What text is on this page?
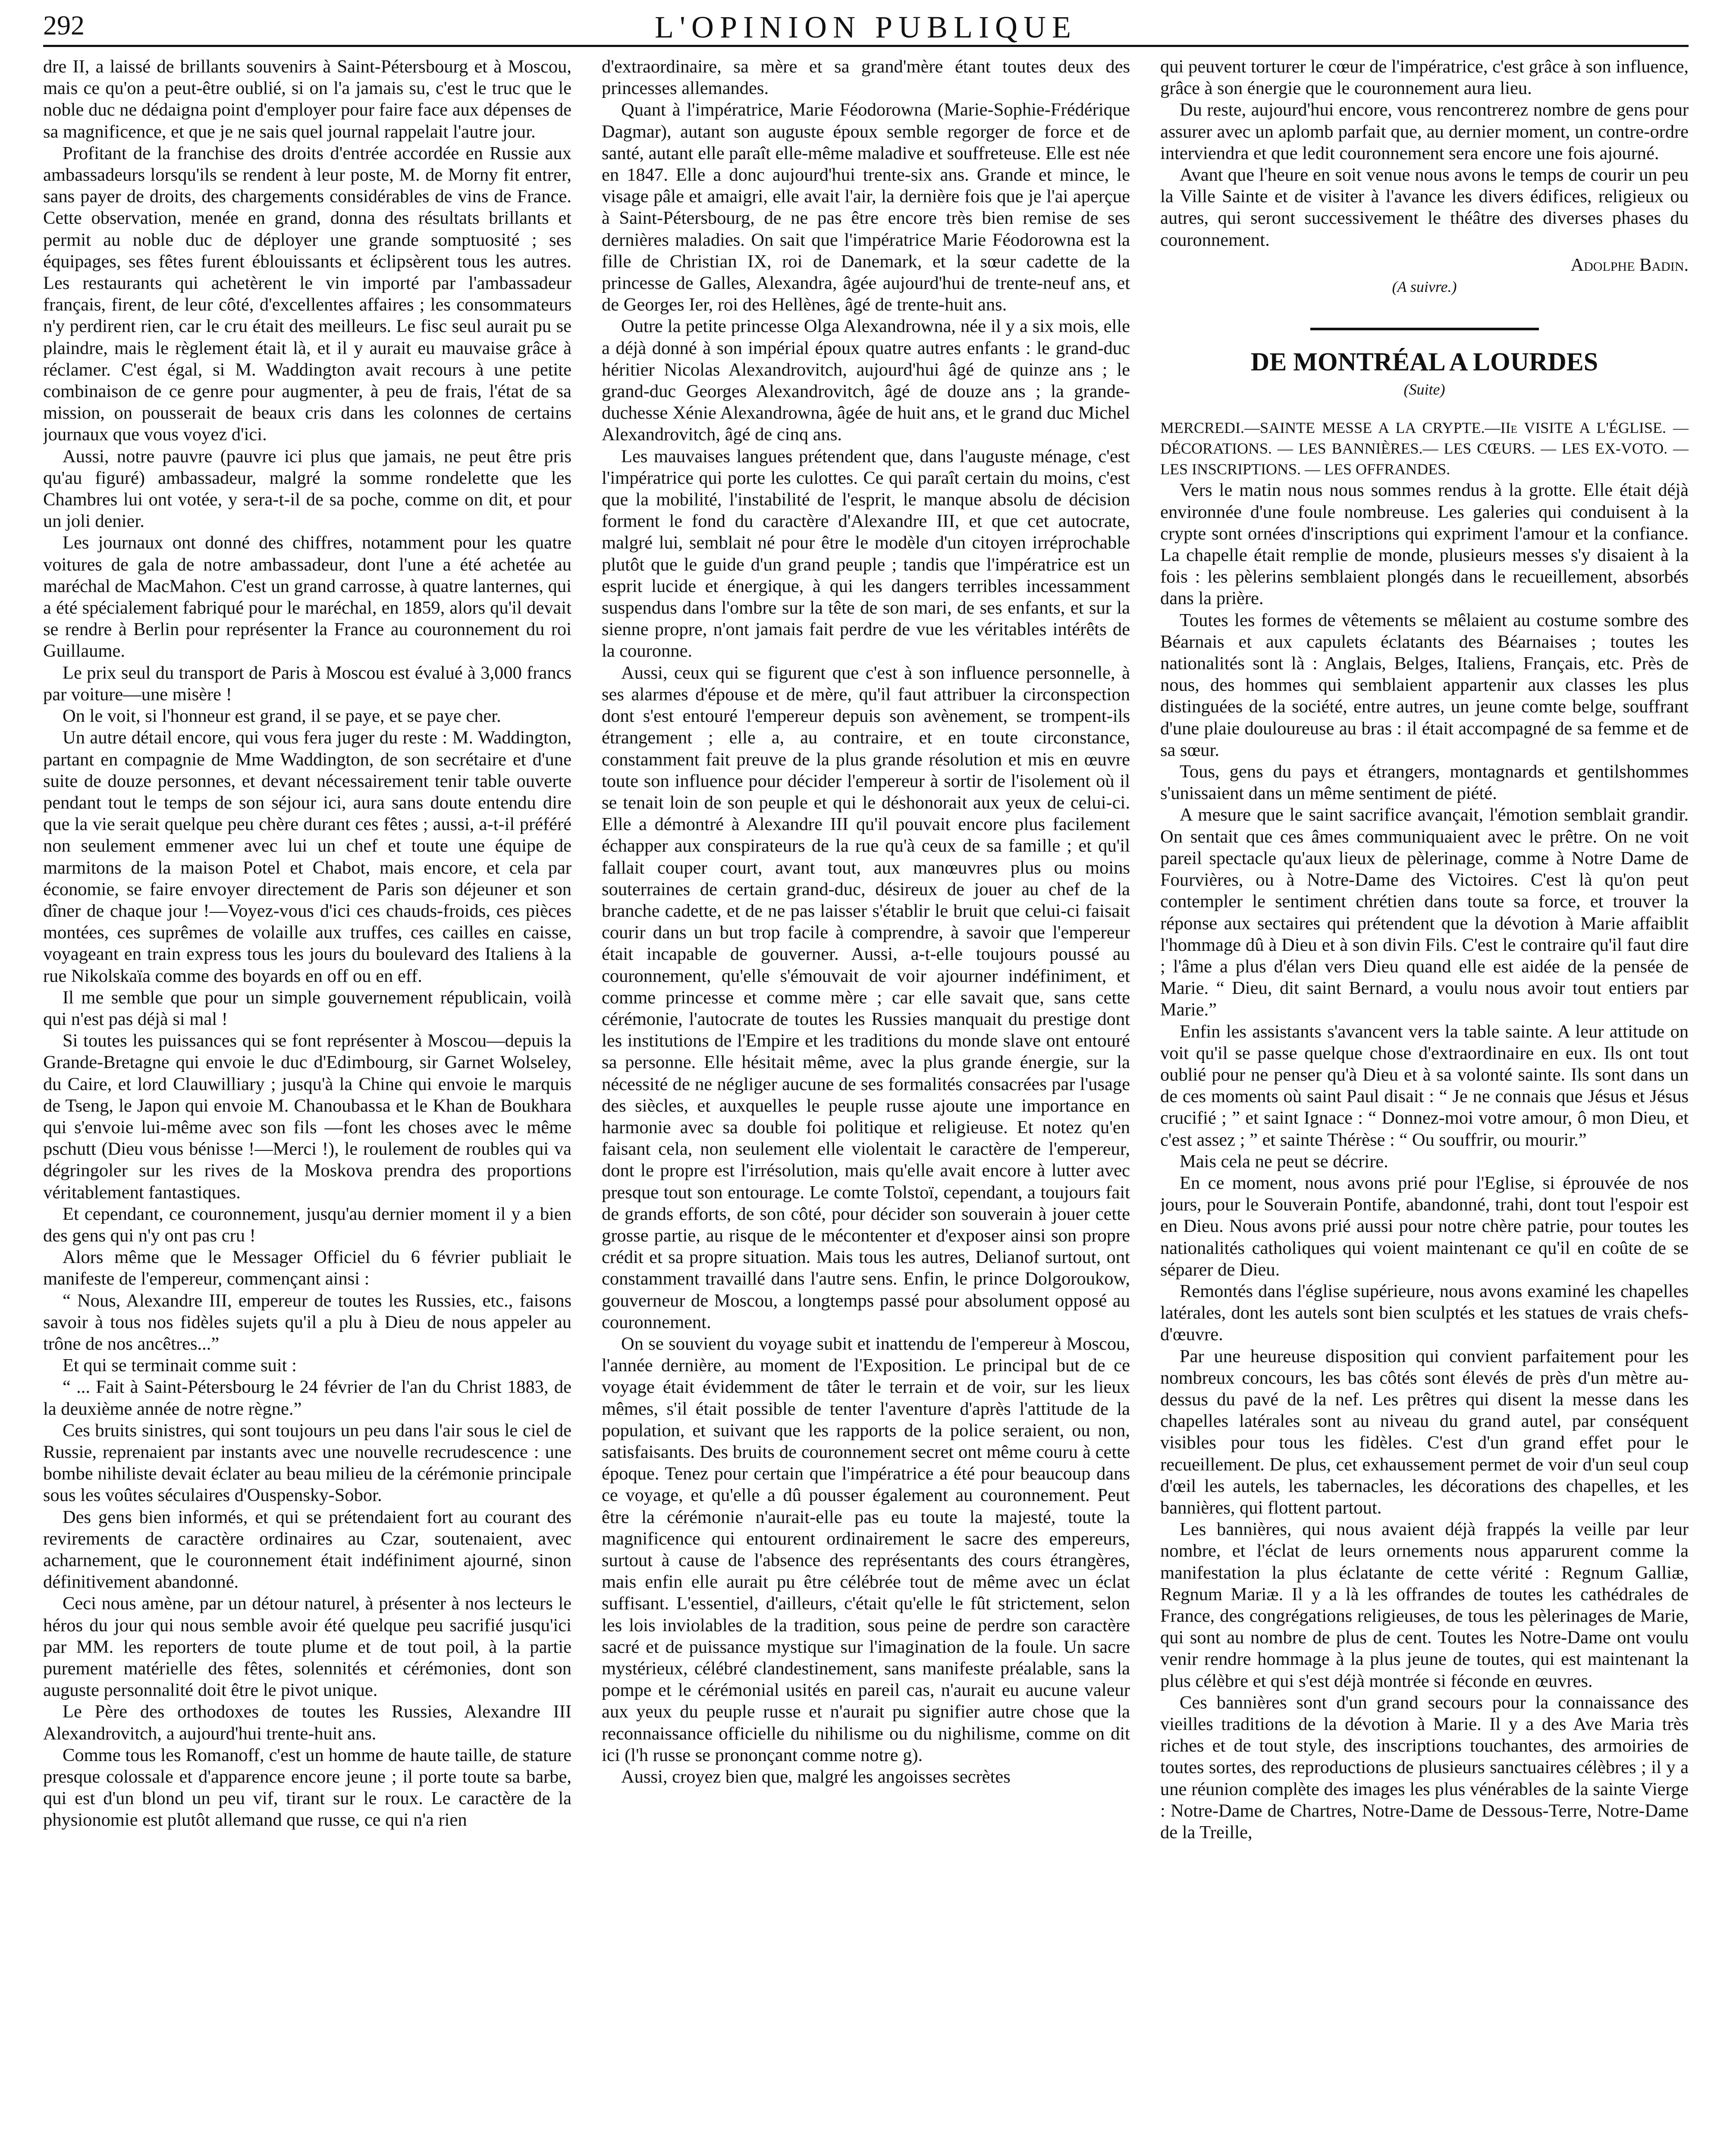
292	L'OPINION PUBLIQUE

dre II, a laissé de brillants souvenirs à Saint-Pétersbourg et à Moscou, mais ce qu'on a peut-être oublié, si on l'a jamais su, c'est le truc que le noble duc ne dédaigna point d'employer pour faire face aux dépenses de sa magnificence, et que je ne sais quel journal rappelait l'autre jour.

Profitant de la franchise des droits d'entrée accordée en Russie aux ambassadeurs lorsqu'ils se rendent à leur poste, M. de Morny fit entrer, sans payer de droits, des chargements considérables de vins de France. Cette observation, menée en grand, donna des résultats brillants et permit au noble duc de déployer une grande somptuosité ; ses équipages, ses fêtes furent éblouissants et éclipsèrent tous les autres. Les restaurants qui achetèrent le vin importé par l'ambassadeur français, firent, de leur côté, d'excellentes affaires ; les consommateurs n'y perdirent rien, car le cru était des meilleurs. Le fisc seul aurait pu se plaindre, mais le règlement était là, et il y aurait eu mauvaise grâce à réclamer. C'est égal, si M. Waddington avait recours à une petite combinaison de ce genre pour augmenter, à peu de frais, l'état de sa mission, on pousserait de beaux cris dans les colonnes de certains journaux que vous voyez d'ici.

Aussi, notre pauvre (pauvre ici plus que jamais, ne peut être pris qu'au figuré) ambassadeur, malgré la somme rondelette que les Chambres lui ont votée, y sera-t-il de sa poche, comme on dit, et pour un joli denier.

Les journaux ont donné des chiffres, notamment pour les quatre voitures de gala de notre ambassadeur, dont l'une a été achetée au maréchal de MacMahon. C'est un grand carrosse, à quatre lanternes, qui a été spécialement fabriqué pour le maréchal, en 1859, alors qu'il devait se rendre à Berlin pour représenter la France au couronnement du roi Guillaume.

Le prix seul du transport de Paris à Moscou est évalué à 3,000 francs par voiture—une misère !

On le voit, si l'honneur est grand, il se paye, et se paye cher.

Un autre détail encore, qui vous fera juger du reste : M. Waddington, partant en compagnie de Mme Waddington, de son secrétaire et d'une suite de douze personnes, et devant nécessairement tenir table ouverte pendant tout le temps de son séjour ici, aura sans doute entendu dire que la vie serait quelque peu chère durant ces fêtes ; aussi, a-t-il préféré non seulement emmener avec lui un chef et toute une équipe de marmitons de la maison Potel et Chabot, mais encore, et cela par économie, se faire envoyer directement de Paris son déjeuner et son dîner de chaque jour !—Voyez-vous d'ici ces chauds-froids, ces pièces montées, ces suprêmes de volaille aux truffes, ces cailles en caisse, voyageant en train express tous les jours du boulevard des Italiens à la rue Nikolskaïa comme des boyards en off ou en eff.

Il me semble que pour un simple gouvernement républicain, voilà qui n'est pas déjà si mal !

Si toutes les puissances qui se font représenter à Moscou—depuis la Grande-Bretagne qui envoie le duc d'Edimbourg, sir Garnet Wolseley, du Caire, et lord Clauwilliary ; jusqu'à la Chine qui envoie le marquis de Tseng, le Japon qui envoie M. Chanoubassa et le Khan de Boukhara qui s'envoie lui-même avec son fils —font les choses avec le même pschutt (Dieu vous bénisse !—Merci !), le roulement de roubles qui va dégringoler sur les rives de la Moskova prendra des proportions véritablement fantastiques.

Et cependant, ce couronnement, jusqu'au dernier moment il y a bien des gens qui n'y ont pas cru !

Alors même que le Messager Officiel du 6 février publiait le manifeste de l'empereur, commençant ainsi :

“ Nous, Alexandre III, empereur de toutes les Russies, etc., faisons savoir à tous nos fidèles sujets qu'il a plu à Dieu de nous appeler au trône de nos ancêtres...”

Et qui se terminait comme suit :

“ ... Fait à Saint-Pétersbourg le 24 février de l'an du Christ 1883, de la deuxième année de notre règne.”

Ces bruits sinistres, qui sont toujours un peu dans l'air sous le ciel de Russie, reprenaient par instants avec une nouvelle recrudescence : une bombe nihiliste devait éclater au beau milieu de la cérémonie principale sous les voûtes séculaires d'Ouspensky-Sobor.

Des gens bien informés, et qui se prétendaient fort au courant des revirements de caractère ordinaires au Czar, soutenaient, avec acharnement, que le couronnement était indéfiniment ajourné, sinon définitivement abandonné.

Ceci nous amène, par un détour naturel, à présenter à nos lecteurs le héros du jour qui nous semble avoir été quelque peu sacrifié jusqu'ici par MM. les reporters de toute plume et de tout poil, à la partie purement matérielle des fêtes, solennités et cérémonies, dont son auguste personnalité doit être le pivot unique.

Le Père des orthodoxes de toutes les Russies, Alexandre III Alexandrovitch, a aujourd'hui trente-huit ans.

Comme tous les Romanoff, c'est un homme de haute taille, de stature presque colossale et d'apparence encore jeune ; il porte toute sa barbe, qui est d'un blond un peu vif, tirant sur le roux. Le caractère de la physionomie est plutôt allemand que russe, ce qui n'a rien

d'extraordinaire, sa mère et sa grand'mère étant toutes deux des princesses allemandes.

Quant à l'impératrice, Marie Féodorowna (Marie-Sophie-Frédérique Dagmar), autant son auguste époux semble regorger de force et de santé, autant elle paraît elle-même maladive et souffreteuse. Elle est née en 1847. Elle a donc aujourd'hui trente-six ans. Grande et mince, le visage pâle et amaigri, elle avait l'air, la dernière fois que je l'ai aperçue à Saint-Pétersbourg, de ne pas être encore très bien remise de ses dernières maladies. On sait que l'impératrice Marie Féodorowna est la fille de Christian IX, roi de Danemark, et la sœur cadette de la princesse de Galles, Alexandra, âgée aujourd'hui de trente-neuf ans, et de Georges Ier, roi des Hellènes, âgé de trente-huit ans.

Outre la petite princesse Olga Alexandrowna, née il y a six mois, elle a déjà donné à son impérial époux quatre autres enfants : le grand-duc héritier Nicolas Alexandrovitch, aujourd'hui âgé de quinze ans ; le grand-duc Georges Alexandrovitch, âgé de douze ans ; la grande-duchesse Xénie Alexandrowna, âgée de huit ans, et le grand duc Michel Alexandrovitch, âgé de cinq ans.

Les mauvaises langues prétendent que, dans l'auguste ménage, c'est l'impératrice qui porte les culottes. Ce qui paraît certain du moins, c'est que la mobilité, l'instabilité de l'esprit, le manque absolu de décision forment le fond du caractère d'Alexandre III, et que cet autocrate, malgré lui, semblait né pour être le modèle d'un citoyen irréprochable plutôt que le guide d'un grand peuple ; tandis que l'impératrice est un esprit lucide et énergique, à qui les dangers terribles incessamment suspendus dans l'ombre sur la tête de son mari, de ses enfants, et sur la sienne propre, n'ont jamais fait perdre de vue les véritables intérêts de la couronne.

Aussi, ceux qui se figurent que c'est à son influence personnelle, à ses alarmes d'épouse et de mère, qu'il faut attribuer la circonspection dont s'est entouré l'empereur depuis son avènement, se trompent-ils étrangement ; elle a, au contraire, et en toute circonstance, constamment fait preuve de la plus grande résolution et mis en œuvre toute son influence pour décider l'empereur à sortir de l'isolement où il se tenait loin de son peuple et qui le déshonorait aux yeux de celui-ci. Elle a démontré à Alexandre III qu'il pouvait encore plus facilement échapper aux conspirateurs de la rue qu'à ceux de sa famille ; et qu'il fallait couper court, avant tout, aux manœuvres plus ou moins souterraines de certain grand-duc, désireux de jouer au chef de la branche cadette, et de ne pas laisser s'établir le bruit que celui-ci faisait courir dans un but trop facile à comprendre, à savoir que l'empereur était incapable de gouverner. Aussi, a-t-elle toujours poussé au couronnement, qu'elle s'émouvait de voir ajourner indéfiniment, et comme princesse et comme mère ; car elle savait que, sans cette cérémonie, l'autocrate de toutes les Russies manquait du prestige dont les institutions de l'Empire et les traditions du monde slave ont entouré sa personne. Elle hésitait même, avec la plus grande énergie, sur la nécessité de ne négliger aucune de ses formalités consacrées par l'usage des siècles, et auxquelles le peuple russe ajoute une importance en harmonie avec sa double foi politique et religieuse. Et notez qu'en faisant cela, non seulement elle violentait le caractère de l'empereur, dont le propre est l'irrésolution, mais qu'elle avait encore à lutter avec presque tout son entourage. Le comte Tolstoï, cependant, a toujours fait de grands efforts, de son côté, pour décider son souverain à jouer cette grosse partie, au risque de le mécontenter et d'exposer ainsi son propre crédit et sa propre situation. Mais tous les autres, Delianof surtout, ont constamment travaillé dans l'autre sens. Enfin, le prince Dolgoroukow, gouverneur de Moscou, a longtemps passé pour absolument opposé au couronnement.

On se souvient du voyage subit et inattendu de l'empereur à Moscou, l'année dernière, au moment de l'Exposition. Le principal but de ce voyage était évidemment de tâter le terrain et de voir, sur les lieux mêmes, s'il était possible de tenter l'aventure d'après l'attitude de la population, et suivant que les rapports de la police seraient, ou non, satisfaisants. Des bruits de couronnement secret ont même couru à cette époque. Tenez pour certain que l'impératrice a été pour beaucoup dans ce voyage, et qu'elle a dû pousser également au couronnement. Peut être la cérémonie n'aurait-elle pas eu toute la majesté, toute la magnificence qui entourent ordinairement le sacre des empereurs, surtout à cause de l'absence des représentants des cours étrangères, mais enfin elle aurait pu être célébrée tout de même avec un éclat suffisant. L'essentiel, d'ailleurs, c'était qu'elle le fût strictement, selon les lois inviolables de la tradition, sous peine de perdre son caractère sacré et de puissance mystique sur l'imagination de la foule. Un sacre mystérieux, célébré clandestinement, sans manifeste préalable, sans la pompe et le cérémonial usités en pareil cas, n'aurait eu aucune valeur aux yeux du peuple russe et n'aurait pu signifier autre chose que la reconnaissance officielle du nihilisme ou du nighilisme, comme on dit ici (l'h russe se prononçant comme notre g).

Aussi, croyez bien que, malgré les angoisses secrètes

qui peuvent torturer le cœur de l'impératrice, c'est grâce à son influence, grâce à son énergie que le couronnement aura lieu.

Du reste, aujourd'hui encore, vous rencontrerez nombre de gens pour assurer avec un aplomb parfait que, au dernier moment, un contre-ordre interviendra et que ledit couronnement sera encore une fois ajourné.

Avant que l'heure en soit venue nous avons le temps de courir un peu la Ville Sainte et de visiter à l'avance les divers édifices, religieux ou autres, qui seront successivement le théâtre des diverses phases du couronnement.

Adolphe Badin.

(A suivre.)

DE MONTRÉAL A LOURDES
(Suite)

MERCREDI.—SAINTE MESSE A LA CRYPTE.—IIe VISITE A L'ÉGLISE. — DÉCORATIONS. — LES BANNIÈRES.— LES CŒURS. — LES EX-VOTO. — LES INSCRIPTIONS. — LES OFFRANDES.

Vers le matin nous nous sommes rendus à la grotte. Elle était déjà environnée d'une foule nombreuse. Les galeries qui conduisent à la crypte sont ornées d'inscriptions qui expriment l'amour et la confiance. La chapelle était remplie de monde, plusieurs messes s'y disaient à la fois : les pèlerins semblaient plongés dans le recueillement, absorbés dans la prière.

Toutes les formes de vêtements se mêlaient au costume sombre des Béarnais et aux capulets éclatants des Béarnaises ; toutes les nationalités sont là : Anglais, Belges, Italiens, Français, etc. Près de nous, des hommes qui semblaient appartenir aux classes les plus distinguées de la société, entre autres, un jeune comte belge, souffrant d'une plaie douloureuse au bras : il était accompagné de sa femme et de sa sœur.

Tous, gens du pays et étrangers, montagnards et gentilshommes s'unissaient dans un même sentiment de piété.

A mesure que le saint sacrifice avançait, l'émotion semblait grandir. On sentait que ces âmes communiquaient avec le prêtre. On ne voit pareil spectacle qu'aux lieux de pèlerinage, comme à Notre Dame de Fourvières, ou à Notre-Dame des Victoires. C'est là qu'on peut contempler le sentiment chrétien dans toute sa force, et trouver la réponse aux sectaires qui prétendent que la dévotion à Marie affaiblit l'hommage dû à Dieu et à son divin Fils. C'est le contraire qu'il faut dire ; l'âme a plus d'élan vers Dieu quand elle est aidée de la pensée de Marie. “ Dieu, dit saint Bernard, a voulu nous avoir tout entiers par Marie.”

Enfin les assistants s'avancent vers la table sainte. A leur attitude on voit qu'il se passe quelque chose d'extraordinaire en eux. Ils ont tout oublié pour ne penser qu'à Dieu et à sa volonté sainte. Ils sont dans un de ces moments où saint Paul disait : “ Je ne connais que Jésus et Jésus crucifié ; ” et saint Ignace : “ Donnez-moi votre amour, ô mon Dieu, et c'est assez ; ” et sainte Thérèse : “ Ou souffrir, ou mourir.”

Mais cela ne peut se décrire.

En ce moment, nous avons prié pour l'Eglise, si éprouvée de nos jours, pour le Souverain Pontife, abandonné, trahi, dont tout l'espoir est en Dieu. Nous avons prié aussi pour notre chère patrie, pour toutes les nationalités catholiques qui voient maintenant ce qu'il en coûte de se séparer de Dieu.

Remontés dans l'église supérieure, nous avons examiné les chapelles latérales, dont les autels sont bien sculptés et les statues de vrais chefs-d'œuvre.

Par une heureuse disposition qui convient parfaitement pour les nombreux concours, les bas côtés sont élevés de près d'un mètre au-dessus du pavé de la nef. Les prêtres qui disent la messe dans les chapelles latérales sont au niveau du grand autel, par conséquent visibles pour tous les fidèles. C'est d'un grand effet pour le recueillement. De plus, cet exhaussement permet de voir d'un seul coup d'œil les autels, les tabernacles, les décorations des chapelles, et les bannières, qui flottent partout.

Les bannières, qui nous avaient déjà frappés la veille par leur nombre, et l'éclat de leurs ornements nous apparurent comme la manifestation la plus éclatante de cette vérité : Regnum Galliæ, Regnum Mariæ. Il y a là les offrandes de toutes les cathédrales de France, des congrégations religieuses, de tous les pèlerinages de Marie, qui sont au nombre de plus de cent. Toutes les Notre-Dame ont voulu venir rendre hommage à la plus jeune de toutes, qui est maintenant la plus célèbre et qui s'est déjà montrée si féconde en œuvres.

Ces bannières sont d'un grand secours pour la connaissance des vieilles traditions de la dévotion à Marie. Il y a des Ave Maria très riches et de tout style, des inscriptions touchantes, des armoiries de toutes sortes, des reproductions de plusieurs sanctuaires célèbres ; il y a une réunion complète des images les plus vénérables de la sainte Vierge : Notre-Dame de Chartres, Notre-Dame de Dessous-Terre, Notre-Dame de la Treille,
